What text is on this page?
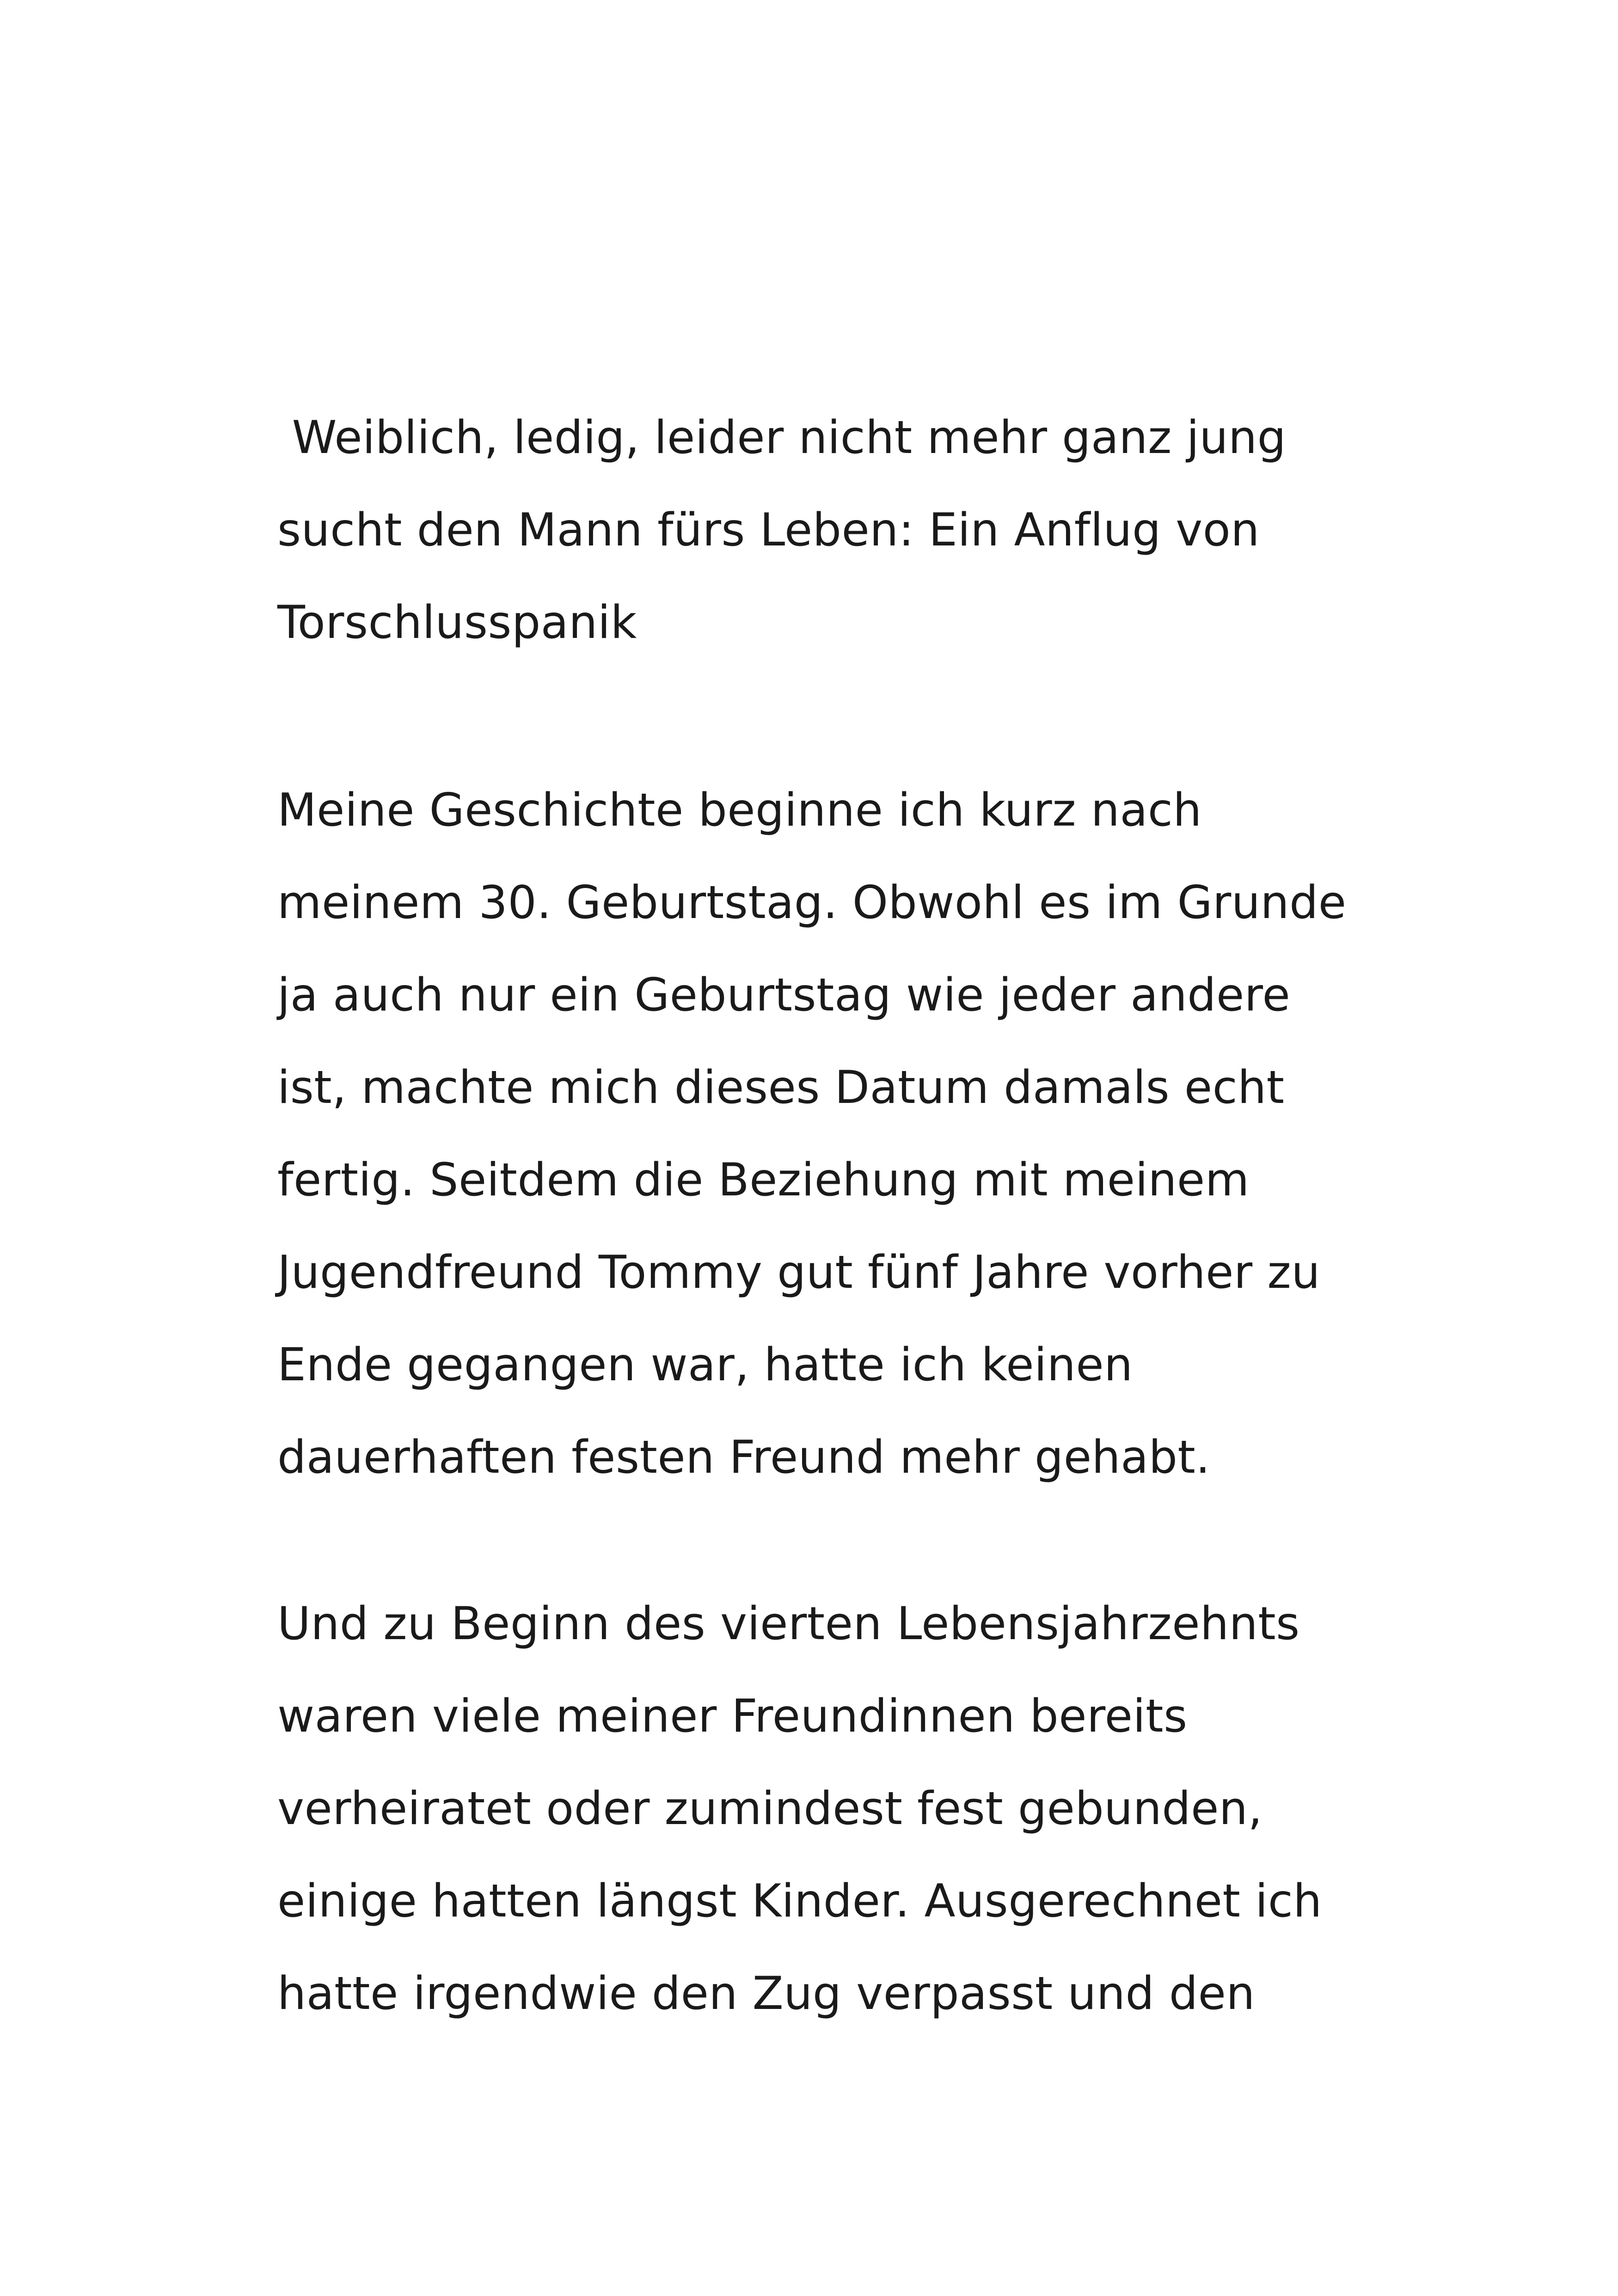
Weiblich, ledig, leider nicht mehr ganz jung
sucht den Mann fürs Leben: Ein Anflug von
Torschlusspanik
Meine Geschichte beginne ich kurz nach
meinem 30. Geburtstag. Obwohl es im Grunde
ja auch nur ein Geburtstag wie jeder andere
ist, machte mich dieses Datum damals echt
fertig. Seitdem die Beziehung mit meinem
Jugendfreund Tommy gut fünf Jahre vorher zu
Ende gegangen war, hatte ich keinen
dauerhaften festen Freund mehr gehabt.
Und zu Beginn des vierten Lebensjahrzehnts
waren viele meiner Freundinnen bereits
verheiratet oder zumindest fest gebunden,
einige hatten längst Kinder. Ausgerechnet ich
hatte irgendwie den Zug verpasst und den
